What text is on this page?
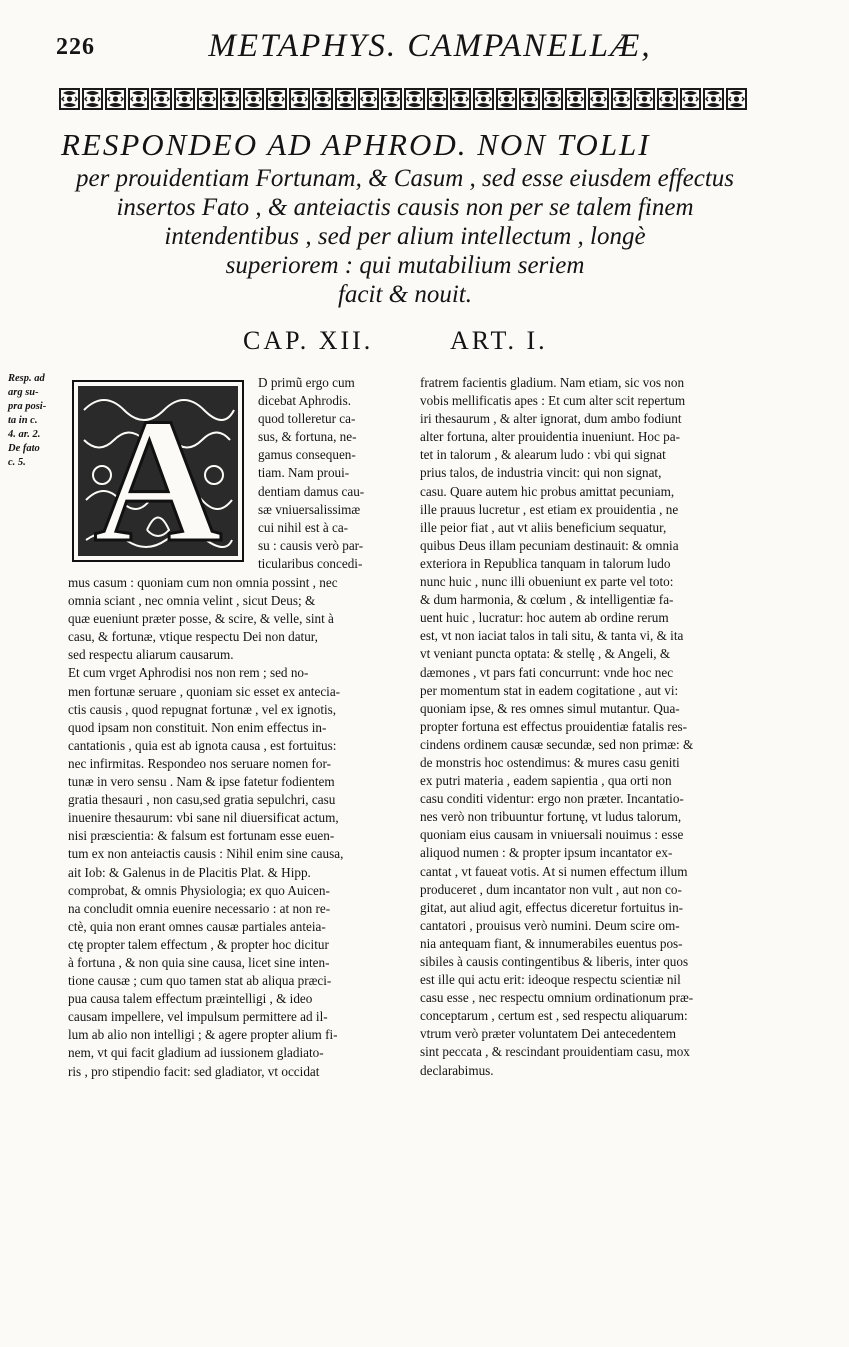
226	METAPHYS. CAMPANELLÆ,
RESPONDEO AD APHROD. NON TOLLI
per prouidentiam Fortunam, & Casum , sed esse eiusdem effectus
insertos Fato , & anteiactis causis non per se talem finem
intendentibus , sed per alium intellectum , longè
superiorem : qui mutabilium seriem
facit & nouit.
CAP. XII.	ART. I.
Resp. ad
arg su-
pra posi-
ta in c.
4. ar. 2.
De fato
c. 5. A	D primũ ergo cum
dicebat Aphrodis.
quod tolleretur ca-
sus, & fortuna, ne-
gamus consequen-
tiam. Nam proui-
dentiam damus cau-
sæ vniuersalissimæ
cui nihil est à ca-
su : causis verò par-
ticularibus concedi-
mus casum : quoniam cum non omnia possint , nec
omnia sciant , nec omnia velint , sicut Deus; &
quæ eueniunt præter posse, & scire, & velle, sint à
casu, & fortunæ, vtique respectu Dei non datur,
sed respectu aliarum causarum.
Et cum vrget Aphrodisi nos non rem ; sed no-
men fortunæ seruare , quoniam sic esset ex antecia-
ctis causis , quod repugnat fortunæ , vel ex ignotis,
quod ipsam non constituit. Non enim effectus in-
cantationis , quia est ab ignota causa , est fortuitus:
nec infirmitas. Respondeo nos seruare nomen for-
tunæ in vero sensu . Nam & ipse fatetur fodientem
gratia thesauri , non casu,sed gratia sepulchri, casu
inuenire thesaurum: vbi sane nil diuersificat actum,
nisi præscientia: & falsum est fortunam esse euen-
tum ex non anteiactis causis : Nihil enim sine causa,
ait Iob: & Galenus in de Placitis Plat. & Hipp.
comprobat, & omnis Physiologia; ex quo Auicen-
na concludit omnia euenire necessario : at non re-
ctè, quia non erant omnes causæ partiales anteia-
ctę propter talem effectum , & propter hoc dicitur
à fortuna , & non quia sine causa, licet sine inten-
tione causæ ; cum quo tamen stat ab aliqua præci-
pua causa talem effectum præintelligi , & ideo
causam impellere, vel impulsum permittere ad il-
lum ab alio non intelligi ; & agere propter alium fi-
nem, vt qui facit gladium ad iussionem gladiato-
ris , pro stipendio facit: sed gladiator, vt occidat
fratrem facientis gladium. Nam etiam, sic vos non
vobis mellificatis apes : Et cum alter scit repertum
iri thesaurum , & alter ignorat, dum ambo fodiunt
alter fortuna, alter prouidentia inueniunt. Hoc pa-
tet in talorum , & alearum ludo : vbi qui signat
prius talos, de industria vincit: qui non signat,
casu. Quare autem hic probus amittat pecuniam,
ille prauus lucretur , est etiam ex prouidentia , ne
ille peior fiat , aut vt aliis beneficium sequatur,
quibus Deus illam pecuniam destinauit: & omnia
exteriora in Republica tanquam in talorum ludo
nunc huic , nunc illi obueniunt ex parte vel toto:
& dum harmonia, & cœlum , & intelligentiæ fa-
uent huic , lucratur: hoc autem ab ordine rerum
est, vt non iaciat talos in tali situ, & tanta vi, & ita
vt veniant puncta optata: & stellę , & Angeli, &
dæmones , vt pars fati concurrunt: vnde hoc nec
per momentum stat in eadem cogitatione , aut vi:
quoniam ipse, & res omnes simul mutantur. Qua-
propter fortuna est effectus prouidentiæ fatalis res-
cindens ordinem causæ secundæ, sed non primæ: &
de monstris hoc ostendimus: & mures casu geniti
ex putri materia , eadem sapientia , qua orti non
casu conditi videntur: ergo non præter. Incantatio-
nes verò non tribuuntur fortunę, vt ludus talorum,
quoniam eius causam in vniuersali nouimus : esse
aliquod numen : & propter ipsum incantator ex-
cantat , vt faueat votis. At si numen effectum illum
produceret , dum incantator non vult , aut non co-
gitat, aut aliud agit, effectus diceretur fortuitus in-
cantatori , prouisus verò numini. Deum scire om-
nia antequam fiant, & innumerabiles euentus pos-
sibiles à causis contingentibus & liberis, inter quos
est ille qui actu erit: ideoque respectu scientiæ nil
casu esse , nec respectu omnium ordinationum præ-
conceptarum , certum est , sed respectu aliquarum:
vtrum verò præter voluntatem Dei antecedentem
sint peccata , & rescindant prouidentiam casu, mox
declarabimus.
